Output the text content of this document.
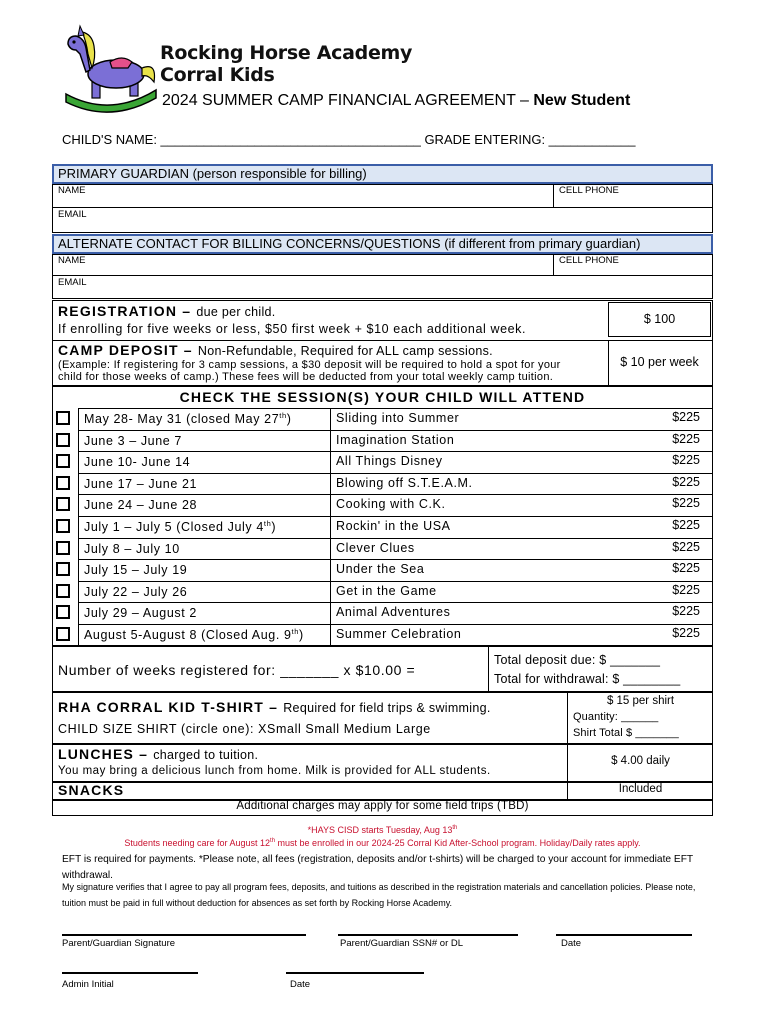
Rocking Horse Academy
Corral Kids
2024 SUMMER CAMP FINANCIAL AGREEMENT – New Student
CHILD'S NAME: ____________________________________ GRADE ENTERING: ____________
PRIMARY GUARDIAN (person responsible for billing)
NAME	CELL PHONE
EMAIL
ALTERNATE CONTACT FOR BILLING CONCERNS/QUESTIONS (if different from primary guardian)
NAME	CELL PHONE
EMAIL
REGISTRATION – due per child.
If enrolling for five weeks or less, $50 first week + $10 each additional week.
$ 100
CAMP DEPOSIT – Non-Refundable, Required for ALL camp sessions.
(Example: If registering for 3 camp sessions, a $30 deposit will be required to hold a spot for your
child for those weeks of camp.) These fees will be deducted from your total weekly camp tuition.
$ 10 per week
CHECK THE SESSION(S) YOUR CHILD WILL ATTEND
May 28- May 31 (closed May 27th)	Sliding into Summer	$225
June 3 – June 7	Imagination Station	$225
June 10- June 14	All Things Disney	$225
June 17 – June 21	Blowing off S.T.E.A.M.	$225
June 24 – June 28	Cooking with C.K.	$225
July 1 – July 5 (Closed July 4th)	Rockin' in the USA	$225
July 8 – July 10	Clever Clues	$225
July 15 – July 19	Under the Sea	$225
July 22 – July 26	Get in the Game	$225
July 29 – August 2	Animal Adventures	$225
August 5-August 8 (Closed Aug. 9th)	Summer Celebration	$225
Number of weeks registered for: _______ x $10.00 =
Total deposit due: $ _______
Total for withdrawal: $ ________
RHA CORRAL KID T-SHIRT – Required for field trips & swimming.
CHILD SIZE SHIRT (circle one): XSmall Small Medium Large
$ 15 per shirt
Quantity: ______
Shirt Total $ _______
LUNCHES – charged to tuition.
You may bring a delicious lunch from home. Milk is provided for ALL students.
$ 4.00 daily
SNACKS	Included
Additional charges may apply for some field trips (TBD)
*HAYS CISD starts Tuesday, Aug 13th
Students needing care for August 12th must be enrolled in our 2024-25 Corral Kid After-School program. Holiday/Daily rates apply.
EFT is required for payments. *Please note, all fees (registration, deposits and/or t-shirts) will be charged to your account for immediate EFT withdrawal.
My signature verifies that I agree to pay all program fees, deposits, and tuitions as described in the registration materials and cancellation policies. Please note, tuition must be paid in full without deduction for absences as set forth by Rocking Horse Academy.
Parent/Guardian Signature	Parent/Guardian SSN# or DL	Date
Admin Initial	Date
